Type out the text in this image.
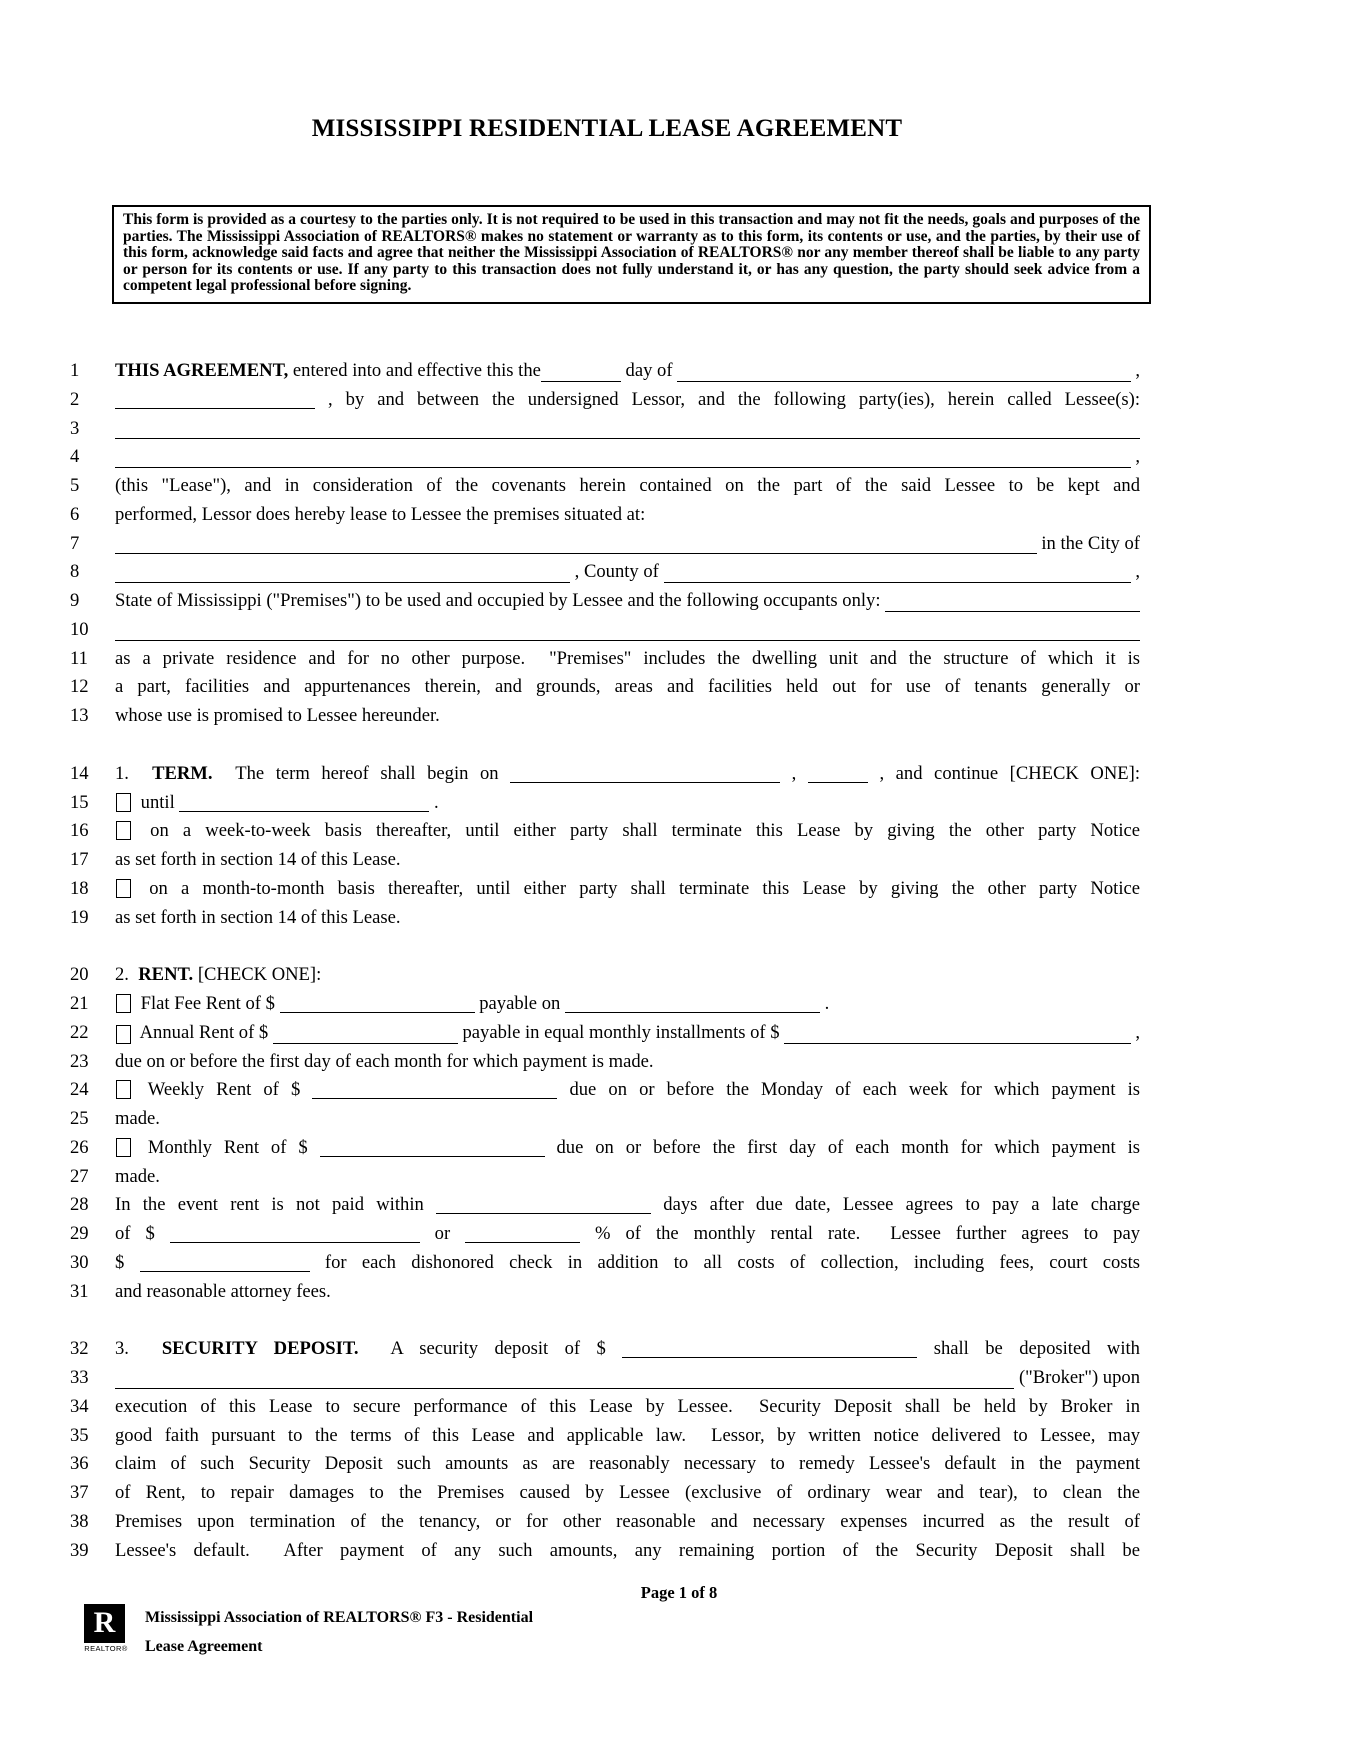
MISSISSIPPI RESIDENTIAL LEASE AGREEMENT
This form is provided as a courtesy to the parties only. It is not required to be used in this transaction and may not fit the needs, goals and purposes of the parties. The Mississippi Association of REALTORS® makes no statement or warranty as to this form, its contents or use, and the parties, by their use of this form, acknowledge said facts and agree that neither the Mississippi Association of REALTORS® nor any member thereof shall be liable to any party or person for its contents or use. If any party to this transaction does not fully understand it, or has any question, the party should seek advice from a competent legal professional before signing.
1	THIS AGREEMENT, entered into and effective this the	day of	,
2	, by and between the undersigned Lessor, and the following party(ies), herein called Lessee(s):
3
4	,
5	(this "Lease"), and in consideration of the covenants herein contained on the part of the said Lessee to be kept and
6	performed, Lessor does hereby lease to Lessee the premises situated at:
7	in the City of
8	, County of	,
9	State of Mississippi ("Premises") to be used and occupied by Lessee and the following occupants only:
10
11	as a private residence and for no other purpose.  "Premises" includes the dwelling unit and the structure of which it is
12	a part, facilities and appurtenances therein, and grounds, areas and facilities held out for use of tenants generally or
13	whose use is promised to Lessee hereunder.
14	1.  TERM.  The term hereof shall begin on	,	, and continue [CHECK ONE]:
15	until	.
16	on a week-to-week basis thereafter, until either party shall terminate this Lease by giving the other party Notice
17	as set forth in section 14 of this Lease.
18	on a month-to-month basis thereafter, until either party shall terminate this Lease by giving the other party Notice
19	as set forth in section 14 of this Lease.
20	2.  RENT. [CHECK ONE]:
21	Flat Fee Rent of $	payable on	.
22	Annual Rent of $	payable in equal monthly installments of $	,
23	due on or before the first day of each month for which payment is made.
24	Weekly Rent of $	due on or before the Monday of each week for which payment is
25	made.
26	Monthly Rent of $	due on or before the first day of each month for which payment is
27	made.
28	In the event rent is not paid within	days after due date, Lessee agrees to pay a late charge
29	of $	or	% of the monthly rental rate.  Lessee further agrees to pay
30	$	for each dishonored check in addition to all costs of collection, including fees, court costs
31	and reasonable attorney fees.
32	3.  SECURITY DEPOSIT.  A security deposit of $	shall be deposited with
33	("Broker") upon
34	execution of this Lease to secure performance of this Lease by Lessee.  Security Deposit shall be held by Broker in
35	good faith pursuant to the terms of this Lease and applicable law.  Lessor, by written notice delivered to Lessee, may
36	claim of such Security Deposit such amounts as are reasonably necessary to remedy Lessee's default in the payment
37	of Rent, to repair damages to the Premises caused by Lessee (exclusive of ordinary wear and tear), to clean the
38	Premises upon termination of the tenancy, or for other reasonable and necessary expenses incurred as the result of
39	Lessee's default.  After payment of any such amounts, any remaining portion of the Security Deposit shall be
Page 1 of 8
R
REALTOR®
Mississippi Association of REALTORS® F3 - Residential
Lease Agreement
